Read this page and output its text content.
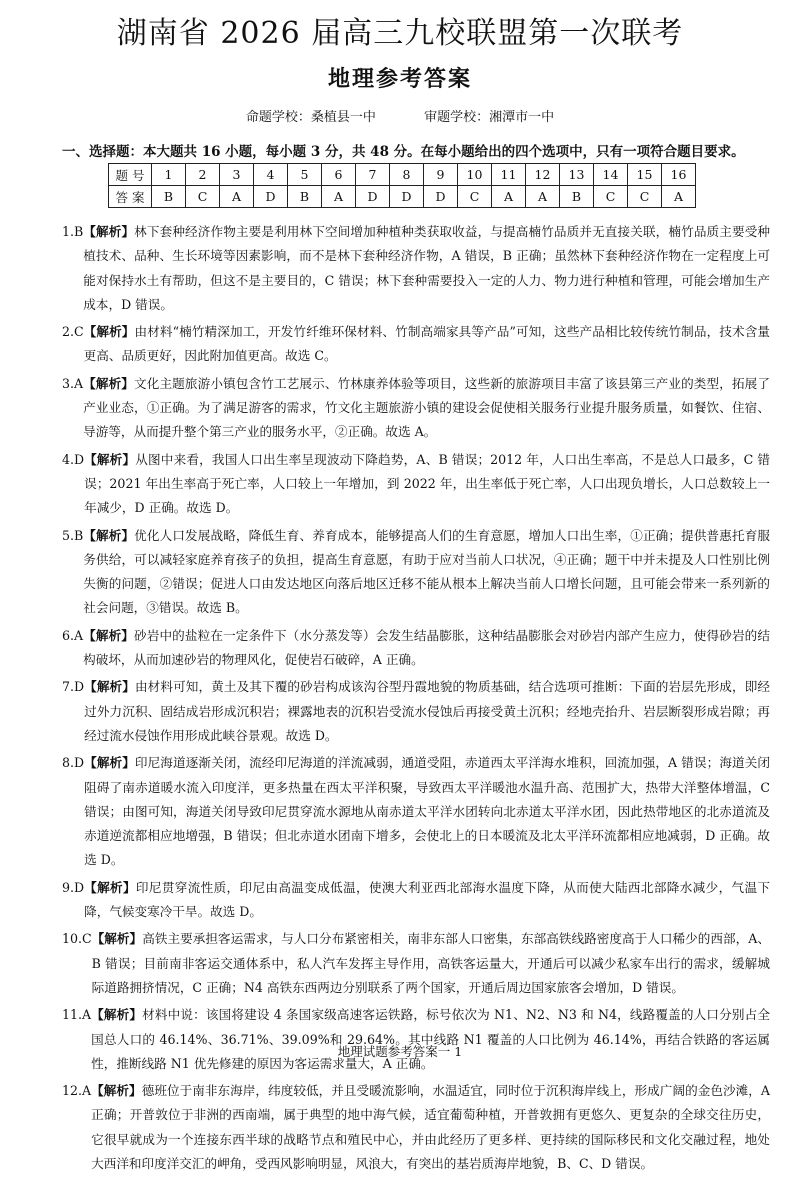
湖南省 2026 届高三九校联盟第一次联考
地理参考答案
命题学校：桑植县一中	审题学校：湘潭市一中
一、选择题：本大题共 16 小题，每小题 3 分，共 48 分。在每小题给出的四个选项中，只有一项符合题目要求。
题 号	1	2	3	4	5	6	7	8	9	10	11	12	13	14	15	16
答 案	B	C	A	D	B	A	D	D	D	C	A	A	B	C	C	A
1.B 【解析】林下套种经济作物主要是利用林下空间增加种植种类获取收益，与提高楠竹品质并无直接关联，楠竹品质主要受种植技术、品种、生长环境等因素影响，而不是林下套种经济作物，A 错误，B 正确；虽然林下套种经济作物在一定程度上可能对保持水土有帮助，但这不是主要目的，C 错误；林下套种需要投入一定的人力、物力进行种植和管理，可能会增加生产成本，D 错误。
2.C 【解析】由材料“楠竹精深加工，开发竹纤维环保材料、竹制高端家具等产品”可知，这些产品相比较传统竹制品，技术含量更高、品质更好，因此附加值更高。故选 C。
3.A 【解析】文化主题旅游小镇包含竹工艺展示、竹林康养体验等项目，这些新的旅游项目丰富了该县第三产业的类型，拓展了产业业态，①正确。为了满足游客的需求，竹文化主题旅游小镇的建设会促使相关服务行业提升服务质量，如餐饮、住宿、导游等，从而提升整个第三产业的服务水平，②正确。故选 A。
4.D 【解析】从图中来看，我国人口出生率呈现波动下降趋势，A、B 错误；2012 年，人口出生率高，不是总人口最多，C 错误；2021 年出生率高于死亡率，人口较上一年增加，到 2022 年，出生率低于死亡率，人口出现负增长，人口总数较上一年减少，D 正确。故选 D。
5.B 【解析】优化人口发展战略，降低生育、养育成本，能够提高人们的生育意愿，增加人口出生率，①正确；提供普惠托育服务供给，可以减轻家庭养育孩子的负担，提高生育意愿，有助于应对当前人口状况，④正确；题干中并未提及人口性别比例失衡的问题，②错误；促进人口由发达地区向落后地区迁移不能从根本上解决当前人口增长问题，且可能会带来一系列新的社会问题，③错误。故选 B。
6.A 【解析】砂岩中的盐粒在一定条件下（水分蒸发等）会发生结晶膨胀，这种结晶膨胀会对砂岩内部产生应力，使得砂岩的结构破坏，从而加速砂岩的物理风化，促使岩石破碎，A 正确。
7.D 【解析】由材料可知，黄土及其下覆的砂岩构成该沟谷型丹霞地貌的物质基础，结合选项可推断：下面的岩层先形成，即经过外力沉积、固结成岩形成沉积岩；裸露地表的沉积岩受流水侵蚀后再接受黄土沉积；经地壳抬升、岩层断裂形成岩隙；再经过流水侵蚀作用形成此峡谷景观。故选 D。
8.D 【解析】印尼海道逐渐关闭，流经印尼海道的洋流减弱，通道受阻，赤道西太平洋海水堆积，回流加强，A 错误；海道关闭阻碍了南赤道暖水流入印度洋，更多热量在西太平洋积聚，导致西太平洋暖池水温升高、范围扩大，热带大洋整体增温，C 错误；由图可知，海道关闭导致印尼贯穿流水源地从南赤道太平洋水团转向北赤道太平洋水团，因此热带地区的北赤道流及赤道逆流都相应地增强，B 错误；但北赤道水团南下增多，会使北上的日本暖流及北太平洋环流都相应地减弱，D 正确。故选 D。
9.D 【解析】印尼贯穿流性质，印尼由高温变成低温，使澳大利亚西北部海水温度下降，从而使大陆西北部降水减少，气温下降，气候变寒冷干旱。故选 D。
10.C 【解析】高铁主要承担客运需求，与人口分布紧密相关，南非东部人口密集，东部高铁线路密度高于人口稀少的西部，A、B 错误；目前南非客运交通体系中，私人汽车发挥主导作用，高铁客运量大，开通后可以减少私家车出行的需求，缓解城际道路拥挤情况，C 正确；N4 高铁东西两边分别联系了两个国家，开通后周边国家旅客会增加，D 错误。
11.A 【解析】材料中说：该国将建设 4 条国家级高速客运铁路，标号依次为 N1、N2、N3 和 N4，线路覆盖的人口分别占全国总人口的 46.14%、36.71%、39.09%和 29.64%。其中线路 N1 覆盖的人口比例为 46.14%，再结合铁路的客运属性，推断线路 N1 优先修建的原因为客运需求量大，A 正确。
12.A 【解析】德班位于南非东海岸，纬度较低，并且受暖流影响，水温适宜，同时位于沉积海岸线上，形成广阔的金色沙滩，A 正确；开普敦位于非洲的西南端，属于典型的地中海气候，适宜葡萄种植，开普敦拥有更悠久、更复杂的全球交往历史，它很早就成为一个连接东西半球的战略节点和殖民中心，并由此经历了更多样、更持续的国际移民和文化交融过程，地处大西洋和印度洋交汇的岬角，受西风影响明显，风浪大，有突出的基岩质海岸地貌，B、C、D 错误。
地理试题参考答案一 1
